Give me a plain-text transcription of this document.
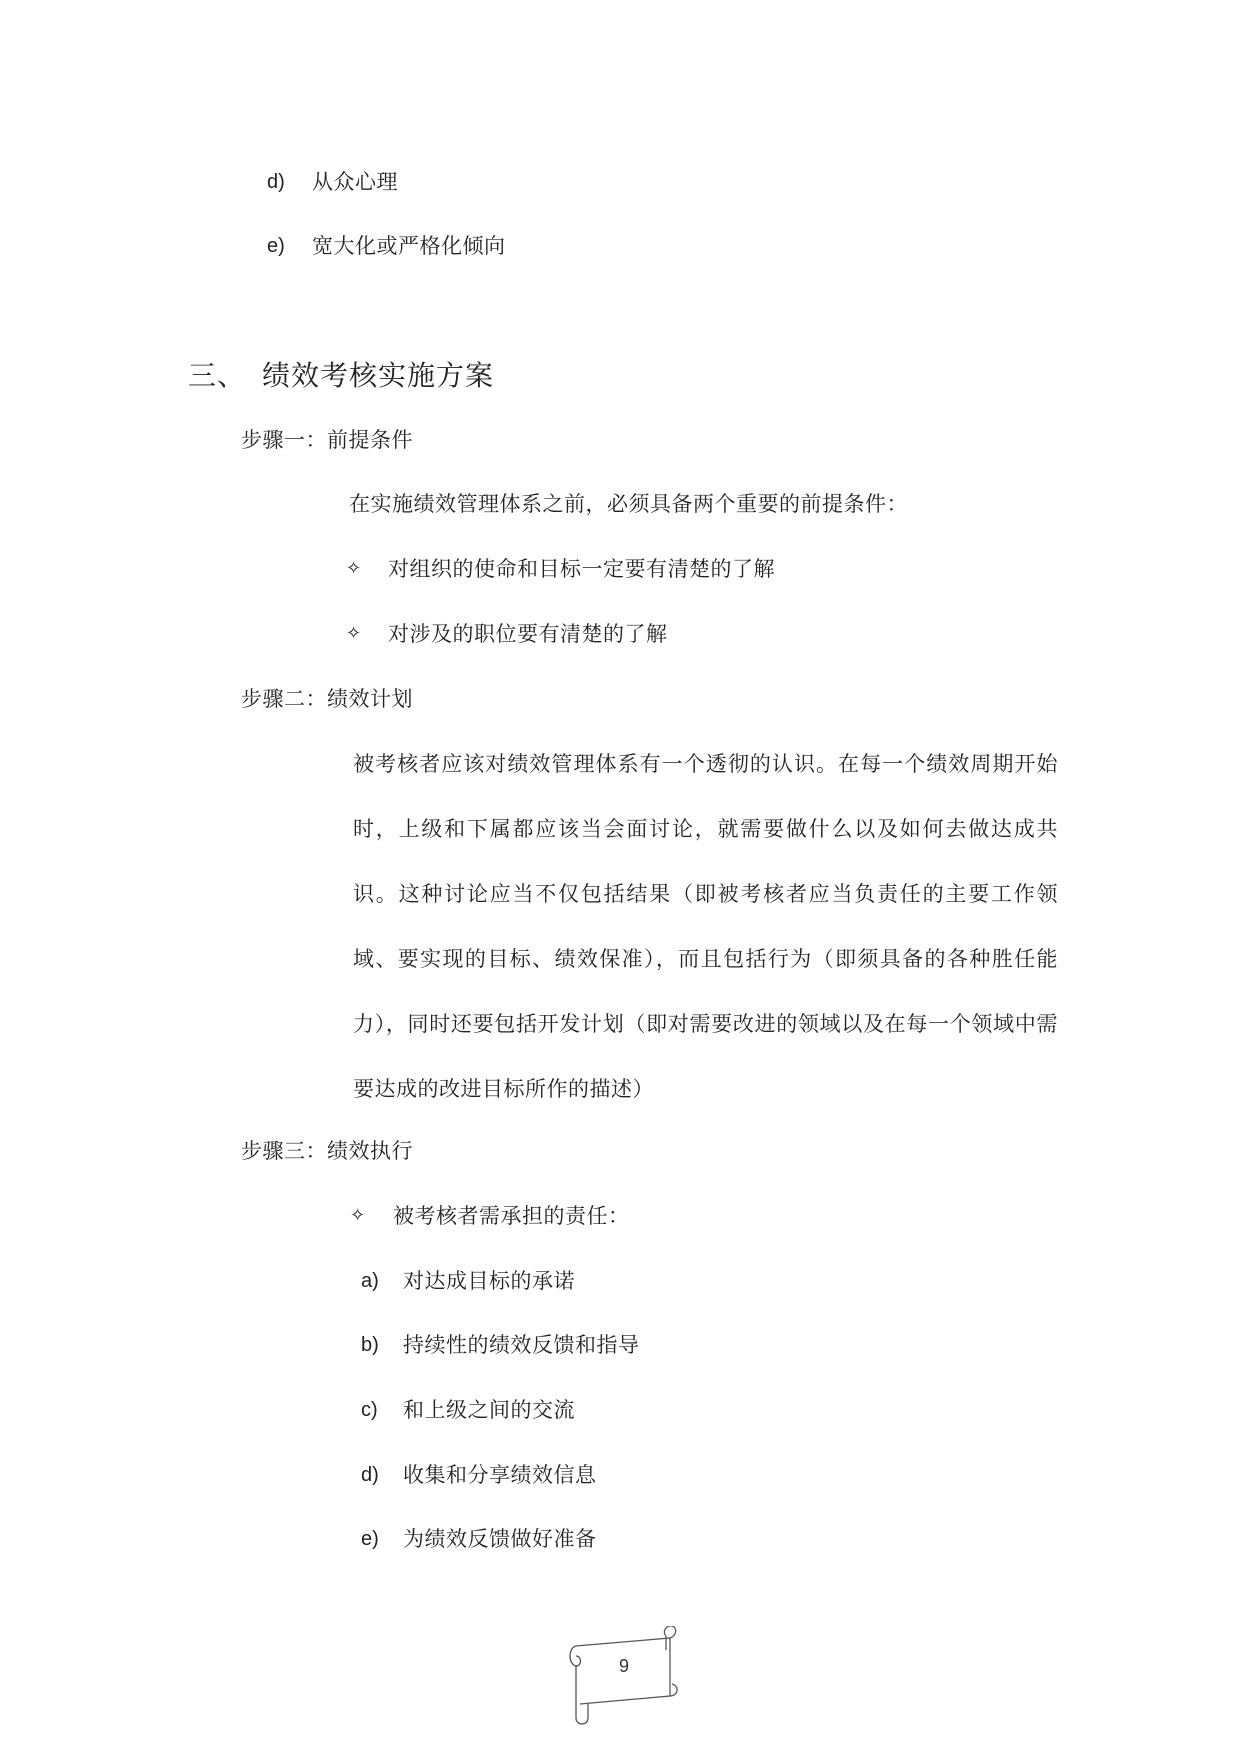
d) 从众心理
e) 宽大化或严格化倾向
三、 绩效考核实施方案
步骤一：前提条件
在实施绩效管理体系之前，必须具备两个重要的前提条件：
✧ 对组织的使命和目标一定要有清楚的了解
✧ 对涉及的职位要有清楚的了解
步骤二：绩效计划
被考核者应该对绩效管理体系有一个透彻的认识。在每一个绩效周期开始时，上级和下属都应该当会面讨论，就需要做什么以及如何去做达成共识。这种讨论应当不仅包括结果（即被考核者应当负责任的主要工作领域、要实现的目标、绩效保准），而且包括行为（即须具备的各种胜任能力），同时还要包括开发计划（即对需要改进的领域以及在每一个领域中需要达成的改进目标所作的描述）
步骤三：绩效执行
✧ 被考核者需承担的责任：
a) 对达成目标的承诺
b) 持续性的绩效反馈和指导
c) 和上级之间的交流
d) 收集和分享绩效信息
e) 为绩效反馈做好准备
9
